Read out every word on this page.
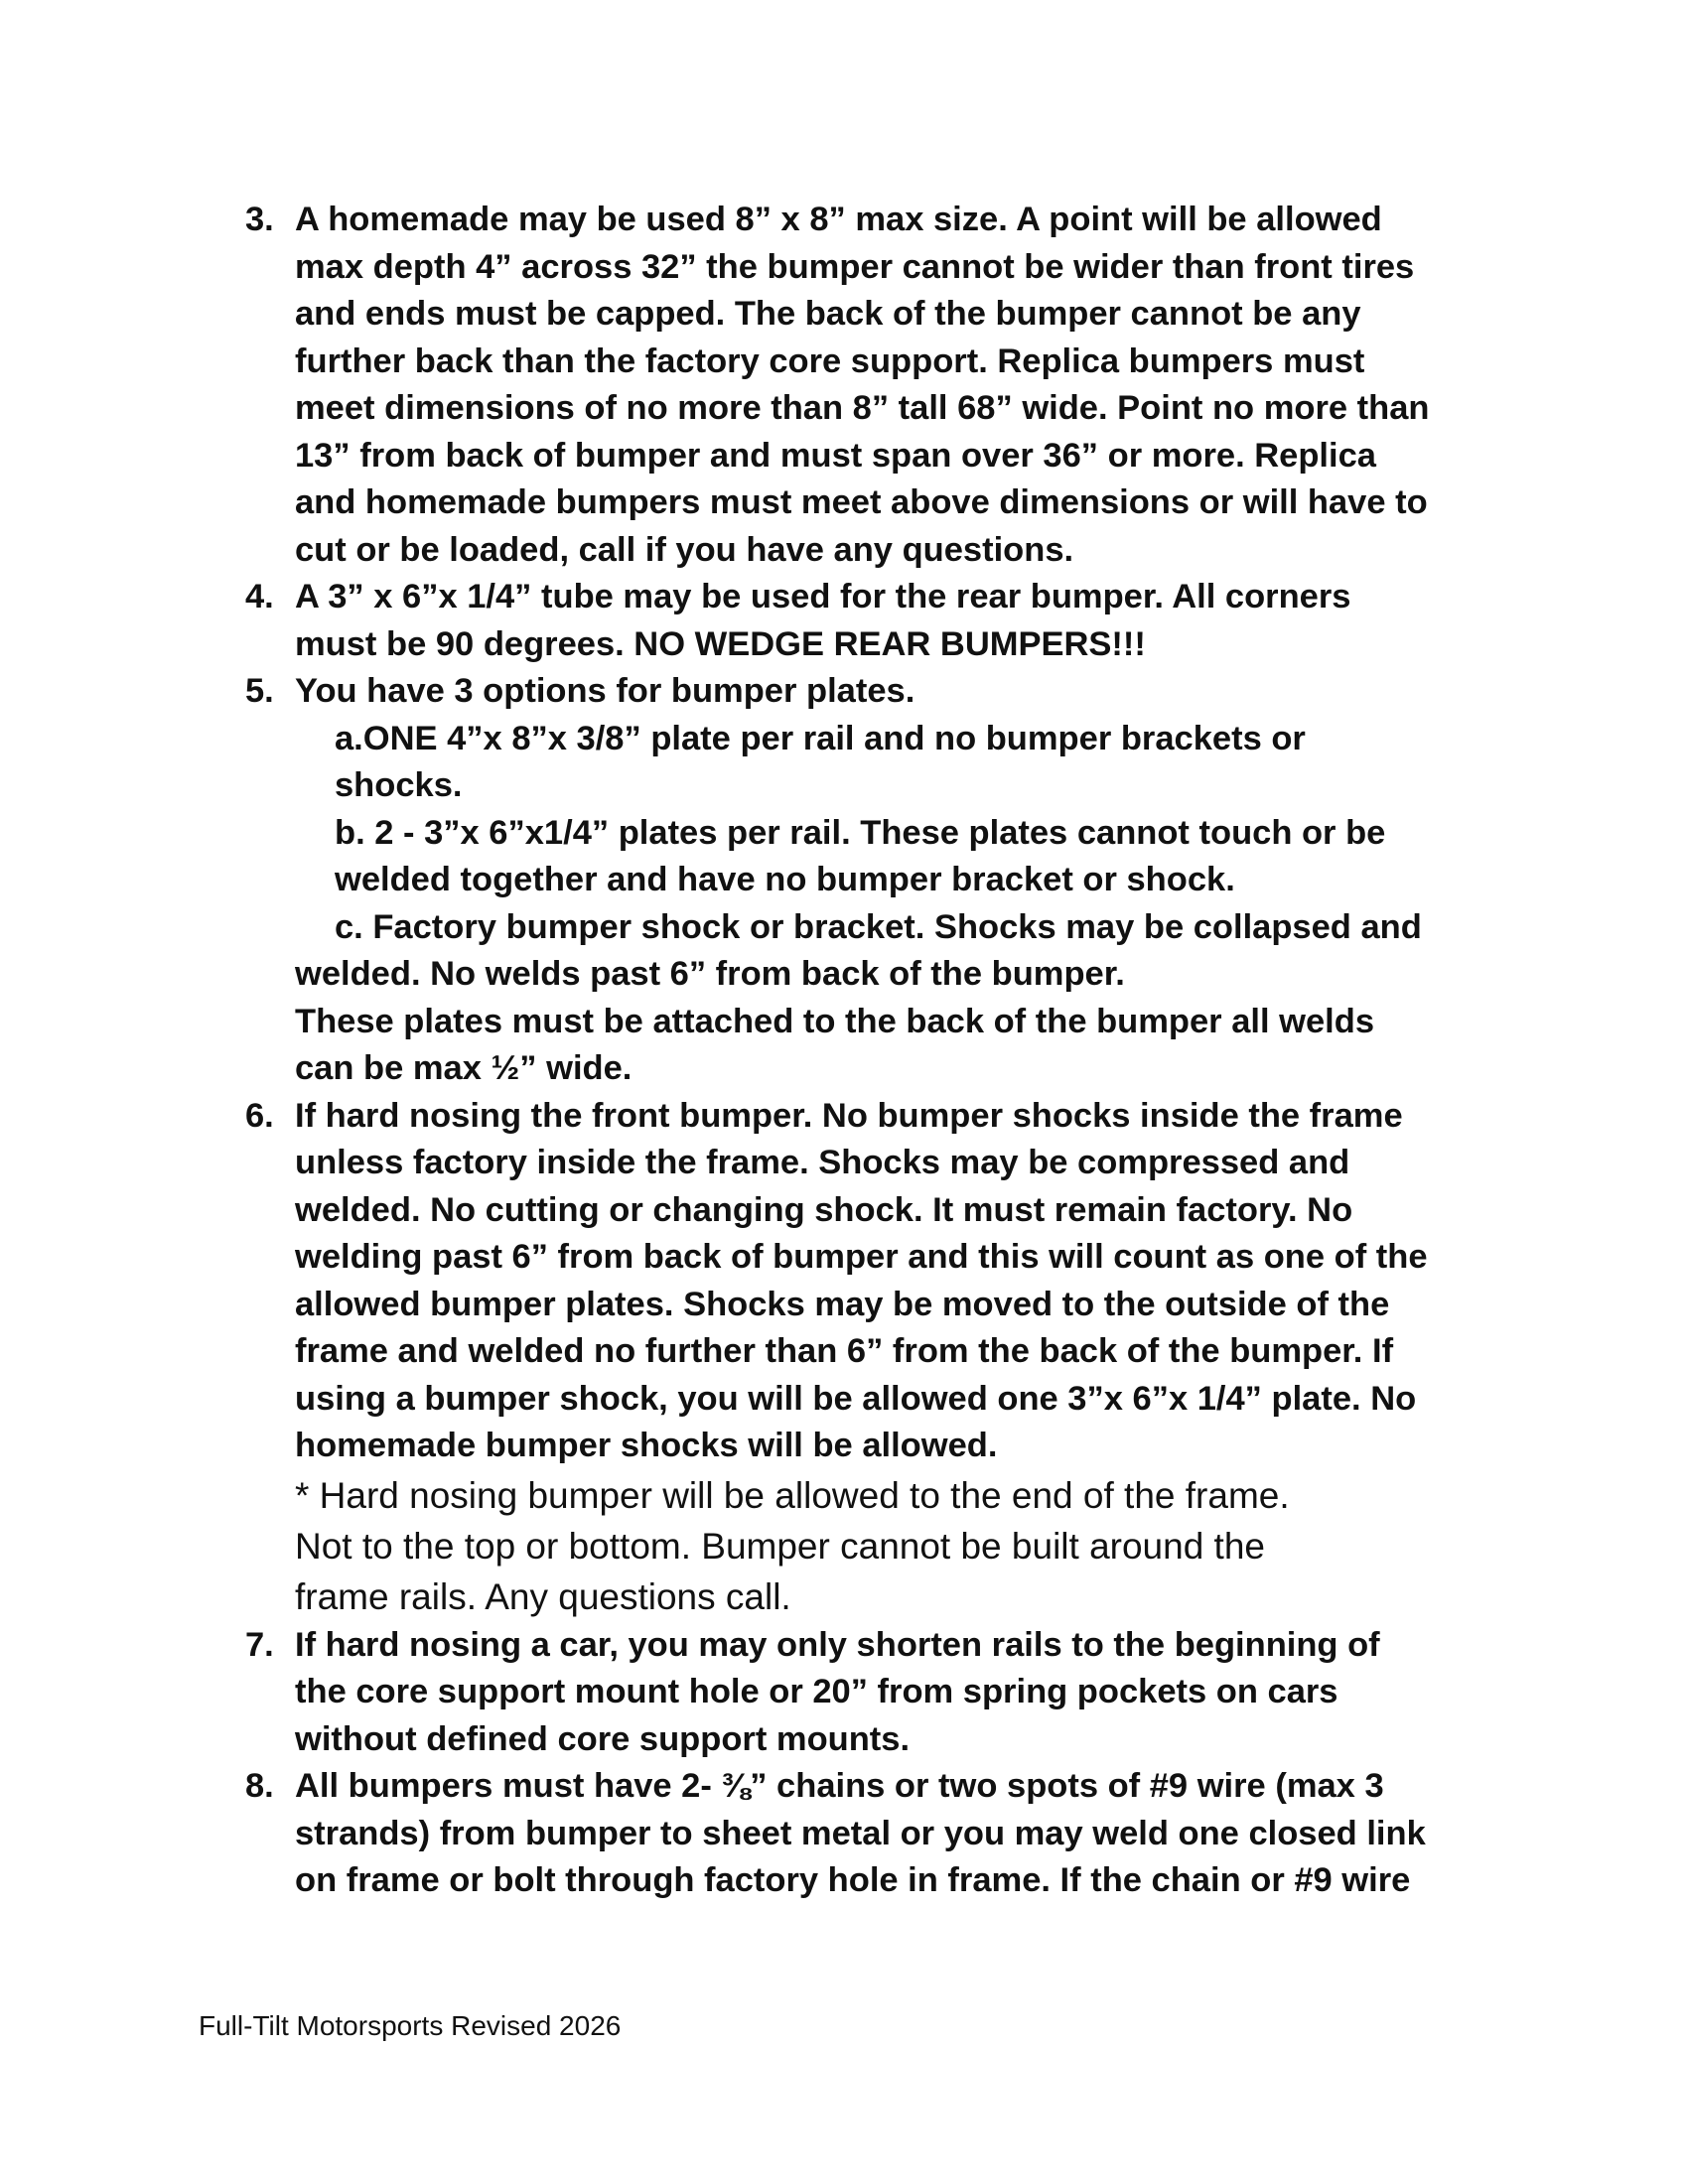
3. A homemade may be used 8” x 8” max size. A point will be allowed
max depth 4” across 32” the bumper cannot be wider than front tires
and ends must be capped. The back of the bumper cannot be any
further back than the factory core support. Replica bumpers must
meet dimensions of no more than 8” tall 68” wide. Point no more than
13” from back of bumper and must span over 36” or more. Replica
and homemade bumpers must meet above dimensions or will have to
cut or be loaded, call if you have any questions.
4. A 3” x 6”x 1/4” tube may be used for the rear bumper. All corners
must be 90 degrees. NO WEDGE REAR BUMPERS!!!
5. You have 3 options for bumper plates.
a.ONE 4”x 8”x 3/8” plate per rail and no bumper brackets or
shocks.
b. 2 - 3”x 6”x1/4” plates per rail. These plates cannot touch or be
welded together and have no bumper bracket or shock.
c. Factory bumper shock or bracket. Shocks may be collapsed and
welded. No welds past 6” from back of the bumper.
These plates must be attached to the back of the bumper all welds
can be max ½” wide.
6. If hard nosing the front bumper. No bumper shocks inside the frame
unless factory inside the frame. Shocks may be compressed and
welded. No cutting or changing shock. It must remain factory. No
welding past 6” from back of bumper and this will count as one of the
allowed bumper plates. Shocks may be moved to the outside of the
frame and welded no further than 6” from the back of the bumper. If
using a bumper shock, you will be allowed one 3”x 6”x 1/4” plate. No
homemade bumper shocks will be allowed.
* Hard nosing bumper will be allowed to the end of the frame.
Not to the top or bottom. Bumper cannot be built around the
frame rails. Any questions call.
7. If hard nosing a car, you may only shorten rails to the beginning of
the core support mount hole or 20” from spring pockets on cars
without defined core support mounts.
8. All bumpers must have 2- ⅜” chains or two spots of #9 wire (max 3
strands) from bumper to sheet metal or you may weld one closed link
on frame or bolt through factory hole in frame. If the chain or #9 wire
Full-Tilt Motorsports Revised 2026
